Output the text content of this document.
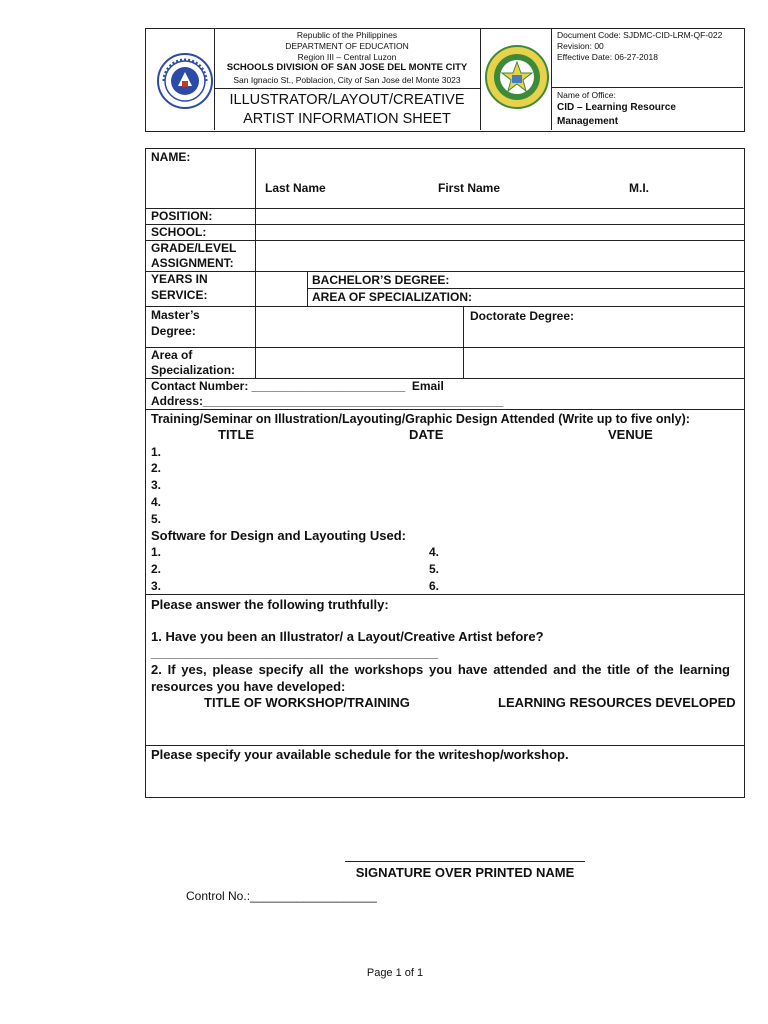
Republic of the Philippines
DEPARTMENT OF EDUCATION
Region III – Central Luzon
SCHOOLS DIVISION OF SAN JOSE DEL MONTE CITY
San Ignacio St., Poblacion, City of San Jose del Monte 3023
ILLUSTRATOR/LAYOUT/CREATIVE
ARTIST INFORMATION SHEET
Document Code: SJDMC-CID-LRM-QF-022
Revision: 00
Effective Date: 06-27-2018
Name of Office:
CID – Learning Resource
Management
NAME:
Last Name	First Name	M.I.
POSITION:
SCHOOL:
GRADE/LEVEL
ASSIGNMENT:
YEARS IN
SERVICE:
BACHELOR’S DEGREE:
AREA OF SPECIALIZATION:
Master’s
Degree:
Doctorate Degree:
Area of
Specialization:
Contact Number: _______________________  Email
Address:_____________________________________________
Training/Seminar on Illustration/Layouting/Graphic Design Attended (Write up to five only):
TITLE	DATE	VENUE
1.
2.
3.
4.
5.
Software for Design and Layouting Used:
1.
2.
3.
4.
5.
6.
Please answer the following truthfully:
1. Have you been an Illustrator/ a Layout/Creative Artist before?
___________________________________________
2. If yes, please specify all the workshops you have attended and the title of the learning
resources you have developed:
TITLE OF WORKSHOP/TRAINING	LEARNING RESOURCES DEVELOPED
Please specify your available schedule for the writeshop/workshop.
SIGNATURE OVER PRINTED NAME
Control No.:___________________
Page 1 of 1
